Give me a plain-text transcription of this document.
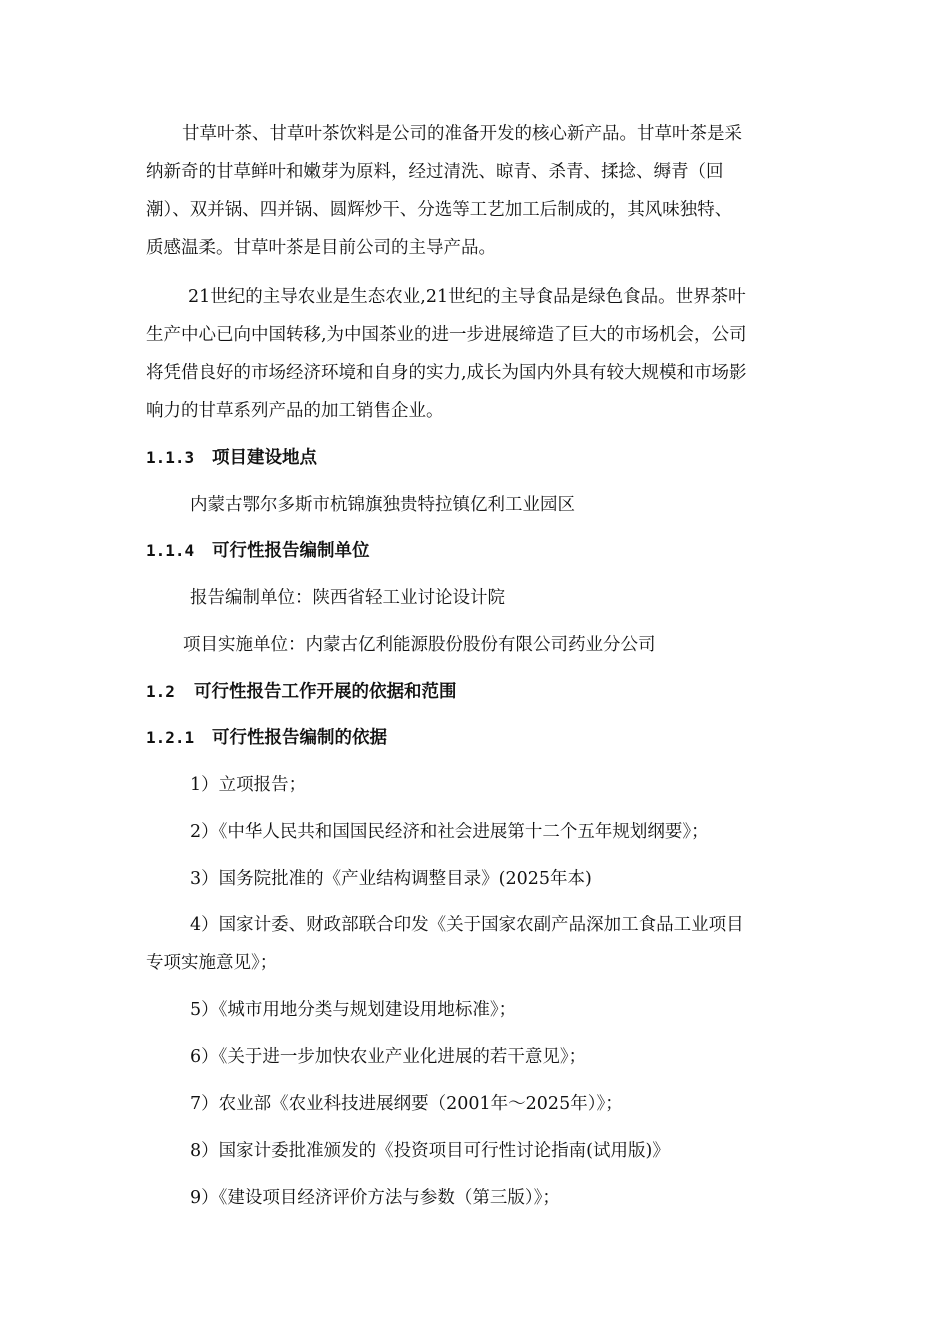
甘草叶茶、甘草叶茶饮料是公司的准备开发的核心新产品。甘草叶茶是采
纳新奇的甘草鲜叶和嫩芽为原料，经过清洗、晾青、杀青、揉捻、缛青（回
潮）、双并锅、四并锅、圆辉炒干、分选等工艺加工后制成的，其风味独特、
质感温柔。甘草叶茶是目前公司的主导产品。
21世纪的主导农业是生态农业,21世纪的主导食品是绿色食品。世界茶叶
生产中心已向中国转移,为中国茶业的进一步进展缔造了巨大的市场机会，公司
将凭借良好的市场经济环境和自身的实力,成长为国内外具有较大规模和市场影
响力的甘草系列产品的加工销售企业。
1.1.3 项目建设地点
内蒙古鄂尔多斯市杭锦旗独贵特拉镇亿利工业园区
1.1.4 可行性报告编制单位
报告编制单位：陕西省轻工业讨论设计院
项目实施单位：内蒙古亿利能源股份股份有限公司药业分公司
1.2 可行性报告工作开展的依据和范围
1.2.1 可行性报告编制的依据
1）立项报告；
2）《中华人民共和国国民经济和社会进展第十二个五年规划纲要》；
3）国务院批准的《产业结构调整目录》(2025年本)
4）国家计委、财政部联合印发《关于国家农副产品深加工食品工业项目
专项实施意见》；
5）《城市用地分类与规划建设用地标准》；
6）《关于进一步加快农业产业化进展的若干意见》；
7）农业部《农业科技进展纲要（2001年～2025年）》；
8）国家计委批准颁发的《投资项目可行性讨论指南(试用版)》
9）《建设项目经济评价方法与参数（第三版）》；
